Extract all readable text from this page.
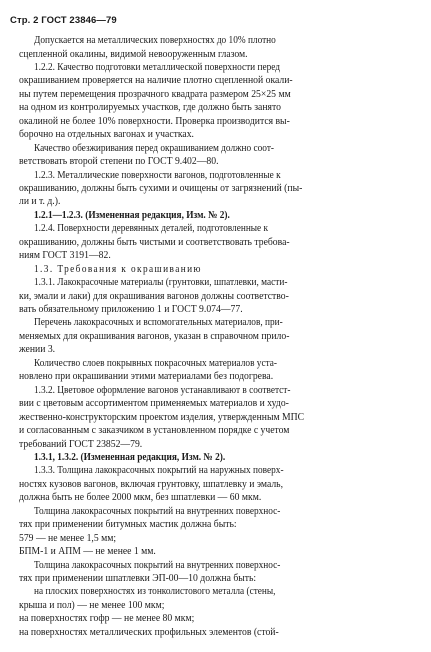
Стр. 2 ГОСТ 23846—79

Допускается на металлических поверхностях до 10% плотно

сцепленной окалины, видимой невооруженным глазом.

1.2.2. Качество подготовки металлической поверхности перед

окрашиванием проверяется на наличие плотно сцепленной окали-

ны путем перемещения прозрачного квадрата размером 25×25 мм

на одном из контролируемых участков, где должно быть занято

окалиной не более 10% поверхности. Проверка производится вы-

борочно на отдельных вагонах и участках.

Качество обезжиривания перед окрашиванием должно соот-

ветствовать второй степени по ГОСТ 9.402—80.

1.2.3. Металлические поверхности вагонов, подготовленные к

окрашиванию, должны быть сухими и очищены от загрязнений (пы-

ли и т. д.).

1.2.1—1.2.3. (Измененная редакция, Изм. № 2).

1.2.4. Поверхности деревянных деталей, подготовленные к

окрашиванию, должны быть чистыми и соответствовать требова-

ниям ГОСТ 3191—82.

1.3. Требования к окрашиванию

1.3.1. Лакокрасочные материалы (грунтовки, шпатлевки, масти-

ки, эмали и лаки) для окрашивания вагонов должны соответство-

вать обязательному приложению 1 и ГОСТ 9.074—77.

Перечень лакокрасочных и вспомогательных материалов, при-

меняемых для окрашивания вагонов, указан в справочном прило-

жении 3.

Количество слоев покрывных покрасочных материалов уста-

новлено при окрашивании этими материалами без подогрева.

1.3.2. Цветовое оформление вагонов устанавливают в соответст-

вии с цветовым ассортиментом применяемых материалов и худо-

жественно-конструкторским проектом изделия, утвержденным МПС

и согласованным с заказчиком в установленном порядке с учетом

требований ГОСТ 23852—79.

1.3.1, 1.3.2. (Измененная редакция, Изм. № 2).

1.3.3. Толщина лакокрасочных покрытий на наружных поверх-

ностях кузовов вагонов, включая грунтовку, шпатлевку и эмаль,

должна быть не более 2000 мкм, без шпатлевки — 60 мкм.

Толщина лакокрасочных покрытий на внутренних поверхнос-

тях при применении битумных мастик должна быть:

579 — не менее 1,5 мм;

БПМ-1 и АПМ — не менее 1 мм.

Толщина лакокрасочных покрытий на внутренних поверхнос-

тях при применении шпатлевки ЭП-00—10 должна быть:

на плоских поверхностях из тонколистового металла (стены,

крыша и пол) — не менее 100 мкм;

на поверхностях гофр — не менее 80 мкм;

на поверхностях металлических профильных элементов (стой-
